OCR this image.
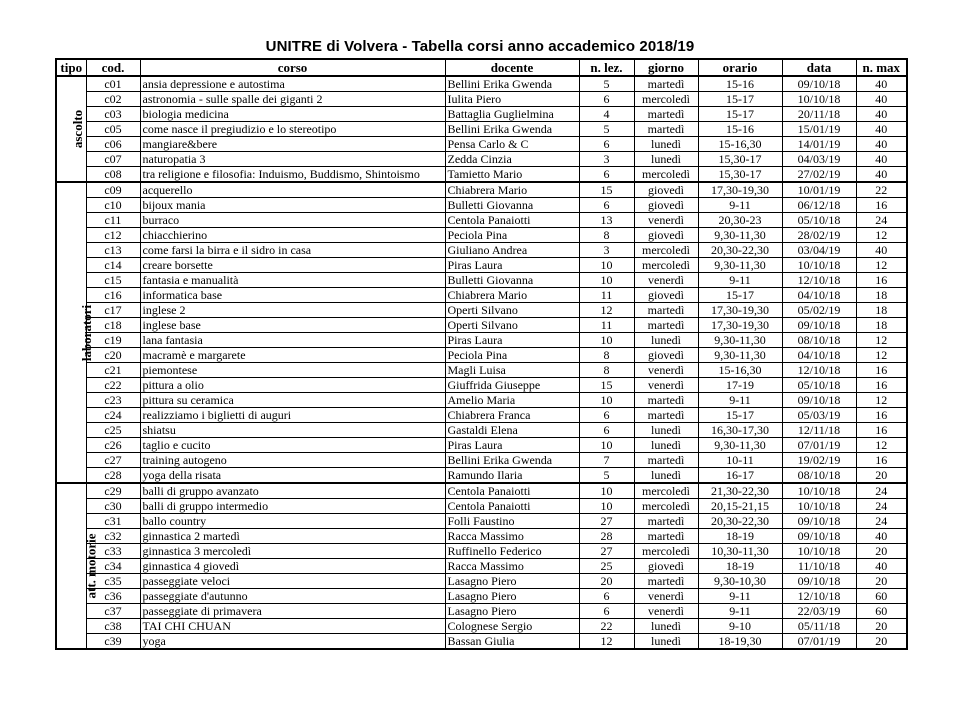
UNITRE di Volvera - Tabella corsi anno accademico 2018/19
tipo	cod.	corso	docente	n. lez.	giorno	orario	data	n. max
ascolto	c01	ansia depressione e autostima	Bellini Erika Gwenda	5	martedì	15-16	09/10/18	40
	c02	astronomia - sulle spalle dei giganti 2	Iulita Piero	6	mercoledì	15-17	10/10/18	40
	c03	biologia medicina	Battaglia Guglielmina	4	martedì	15-17	20/11/18	40
	c05	come nasce il pregiudizio e lo stereotipo	Bellini Erika Gwenda	5	martedì	15-16	15/01/19	40
	c06	mangiare&bere	Pensa Carlo & C	6	lunedì	15-16,30	14/01/19	40
	c07	naturopatia 3	Zedda Cinzia	3	lunedì	15,30-17	04/03/19	40
	c08	tra religione e filosofia: Induismo, Buddismo, Shintoismo	Tamietto Mario	6	mercoledì	15,30-17	27/02/19	40
laboratori	c09	acquerello	Chiabrera Mario	15	giovedì	17,30-19,30	10/01/19	22
	c10	bijoux mania	Bulletti Giovanna	6	giovedì	9-11	06/12/18	16
	c11	burraco	Centola Panaiotti	13	venerdì	20,30-23	05/10/18	24
	c12	chiacchierino	Peciola Pina	8	giovedì	9,30-11,30	28/02/19	12
	c13	come farsi la birra e il sidro in casa	Giuliano Andrea	3	mercoledì	20,30-22,30	03/04/19	40
	c14	creare borsette	Piras Laura	10	mercoledì	9,30-11,30	10/10/18	12
	c15	fantasia e manualità	Bulletti Giovanna	10	venerdì	9-11	12/10/18	16
	c16	informatica base	Chiabrera Mario	11	giovedì	15-17	04/10/18	18
	c17	inglese 2	Operti Silvano	12	martedì	17,30-19,30	05/02/19	18
	c18	inglese base	Operti Silvano	11	martedì	17,30-19,30	09/10/18	18
	c19	lana fantasia	Piras Laura	10	lunedì	9,30-11,30	08/10/18	12
	c20	macramè e margarete	Peciola Pina	8	giovedì	9,30-11,30	04/10/18	12
	c21	piemontese	Magli Luisa	8	venerdì	15-16,30	12/10/18	16
	c22	pittura a olio	Giuffrida Giuseppe	15	venerdì	17-19	05/10/18	16
	c23	pittura su ceramica	Amelio Maria	10	martedì	9-11	09/10/18	12
	c24	realizziamo i biglietti di auguri	Chiabrera Franca	6	martedì	15-17	05/03/19	16
	c25	shiatsu	Gastaldi Elena	6	lunedì	16,30-17,30	12/11/18	16
	c26	taglio e cucito	Piras Laura	10	lunedì	9,30-11,30	07/01/19	12
	c27	training autogeno	Bellini Erika Gwenda	7	martedì	10-11	19/02/19	16
	c28	yoga della risata	Ramundo Ilaria	5	lunedì	16-17	08/10/18	20
att. motorie	c29	balli di gruppo avanzato	Centola Panaiotti	10	mercoledì	21,30-22,30	10/10/18	24
	c30	balli di gruppo intermedio	Centola Panaiotti	10	mercoledì	20,15-21,15	10/10/18	24
	c31	ballo country	Folli Faustino	27	martedì	20,30-22,30	09/10/18	24
	c32	ginnastica 2 martedì	Racca Massimo	28	martedì	18-19	09/10/18	40
	c33	ginnastica 3 mercoledì	Ruffinello Federico	27	mercoledì	10,30-11,30	10/10/18	20
	c34	ginnastica 4 giovedì	Racca Massimo	25	giovedì	18-19	11/10/18	40
	c35	passeggiate veloci	Lasagno Piero	20	martedì	9,30-10,30	09/10/18	20
	c36	passeggiate d'autunno	Lasagno Piero	6	venerdì	9-11	12/10/18	60
	c37	passeggiate di primavera	Lasagno Piero	6	venerdì	9-11	22/03/19	60
	c38	TAI CHI CHUAN	Colognese Sergio	22	lunedì	9-10	05/11/18	20
	c39	yoga	Bassan Giulia	12	lunedì	18-19,30	07/01/19	20
